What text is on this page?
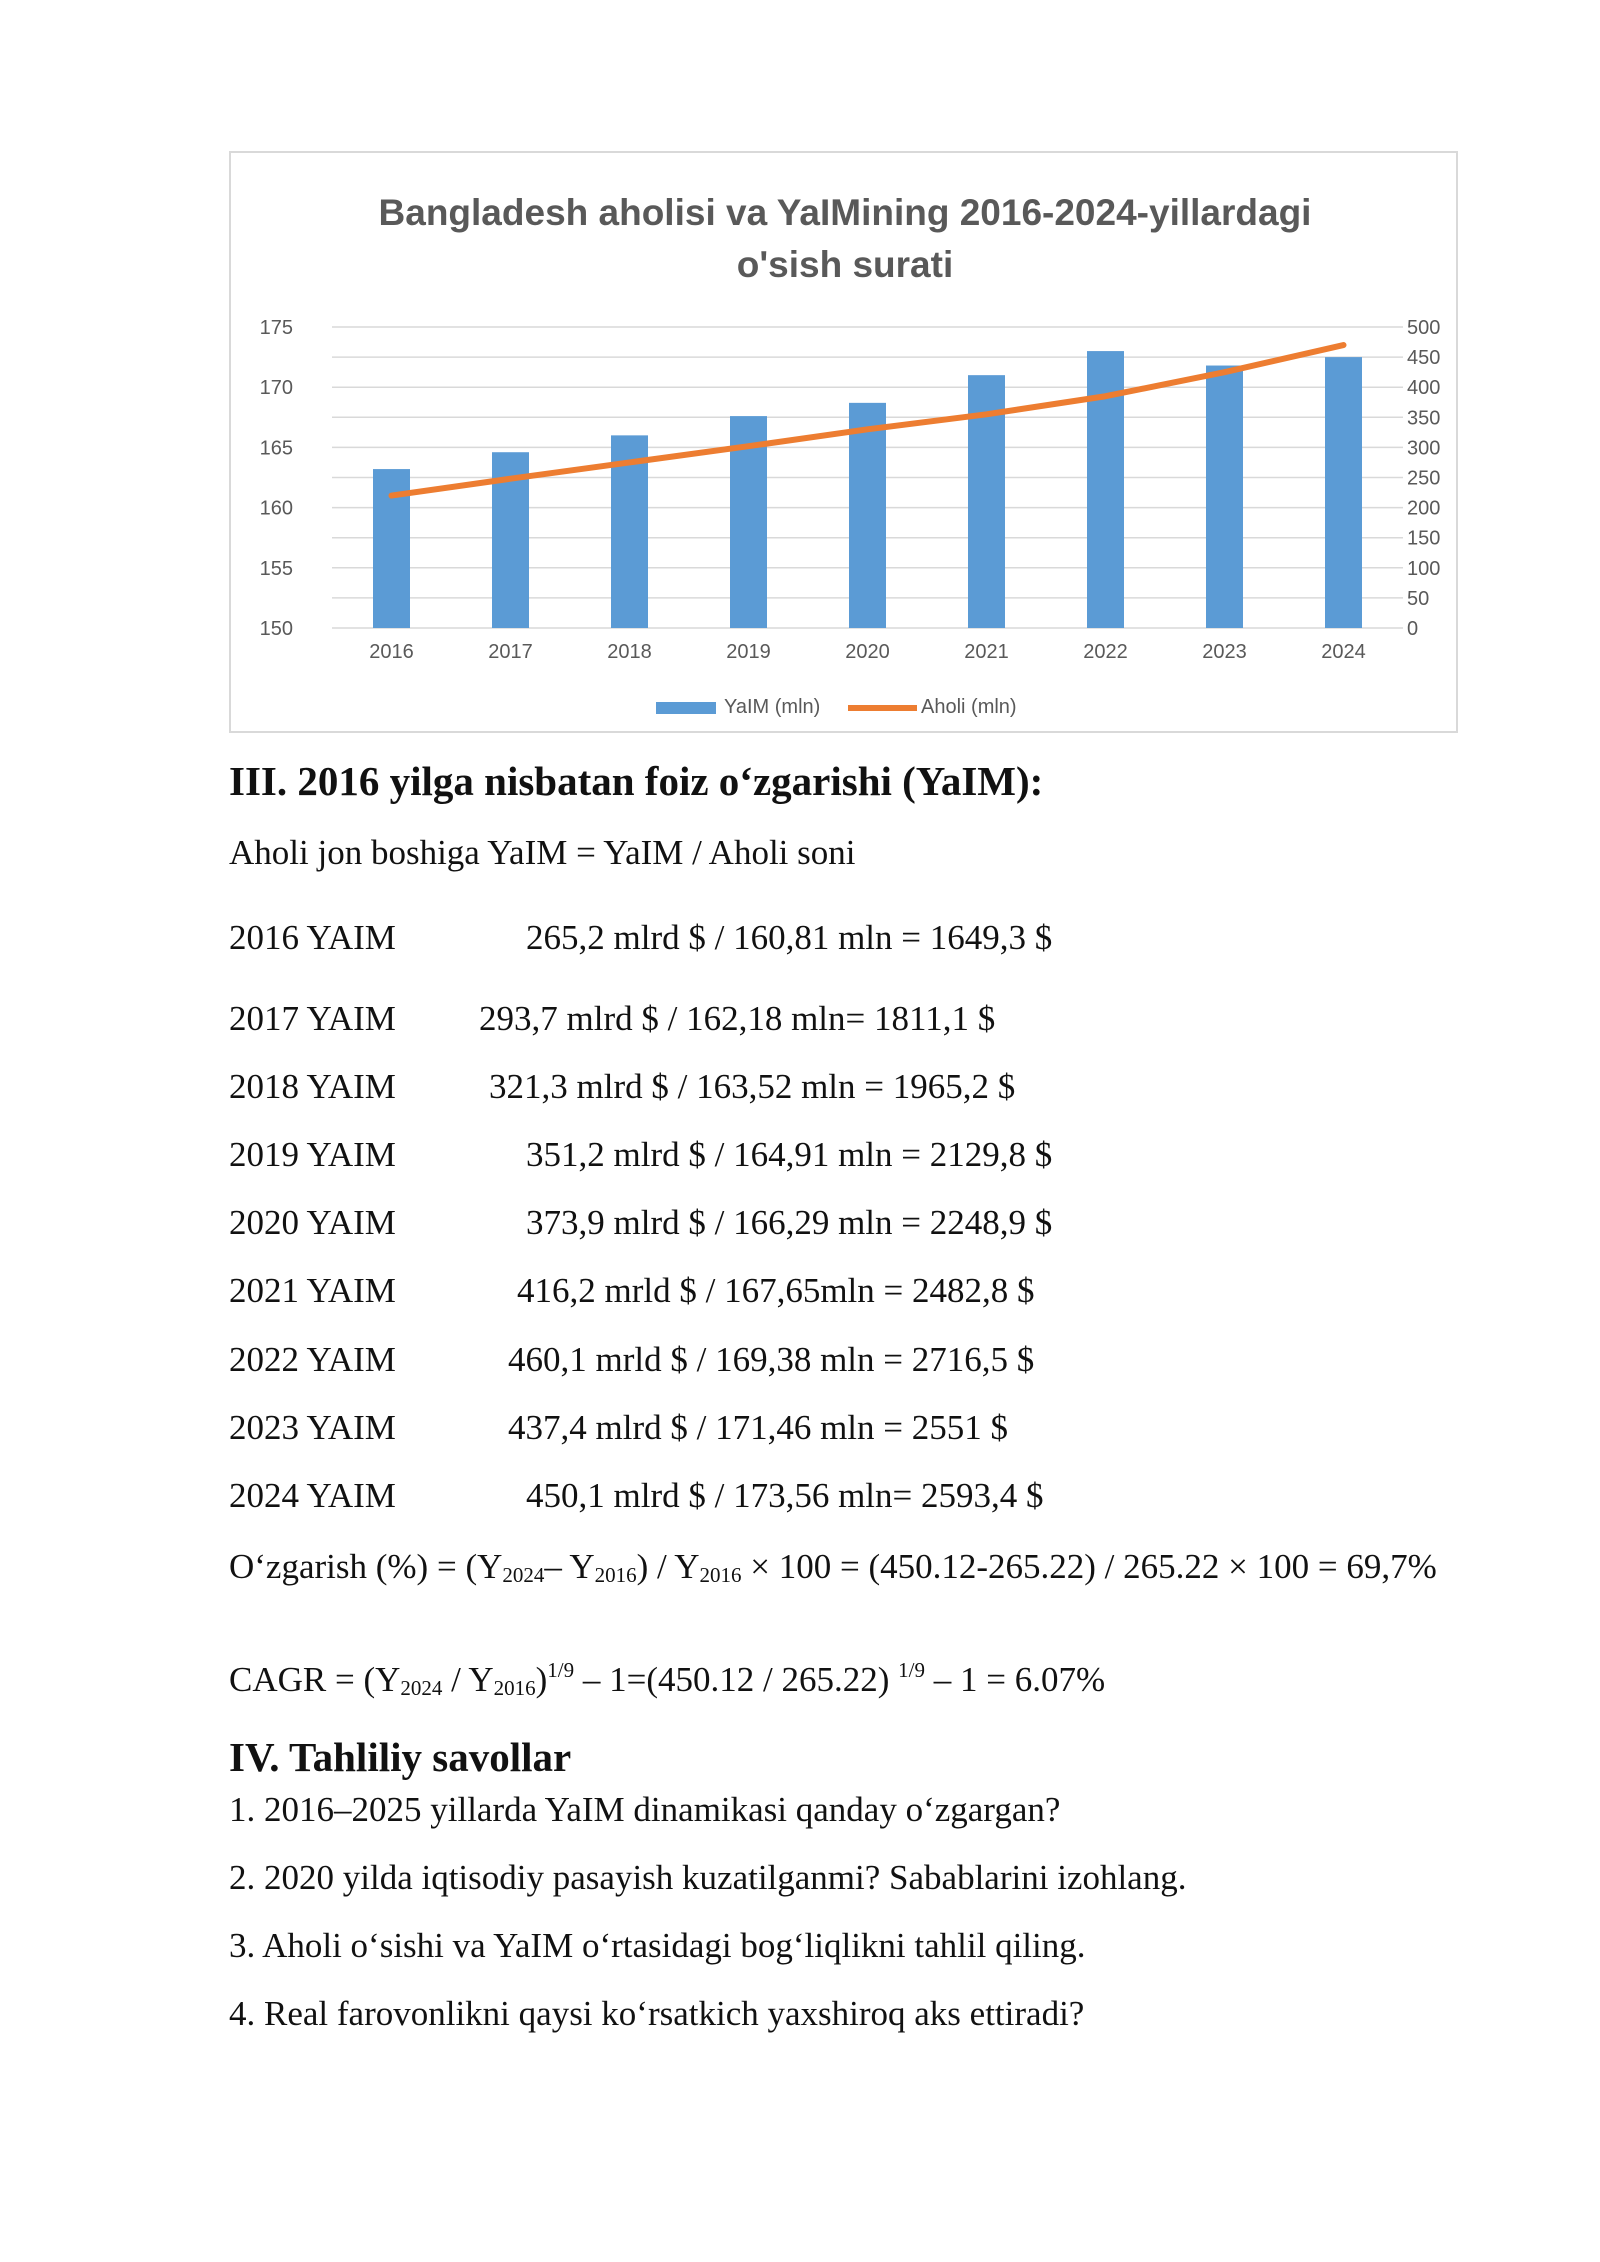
Bangladesh aholisi va YaIMining 2016-2024-yillardagi
o'sish surati
150
155
160
165
170
175
0
50
100
150
200
250
300
350
400
450
500
2016	2017	2018	2019	2020	2021	2022	2023	2024
YaIM (mln)	Aholi (mln)
III. 2016 yilga nisbatan foiz o‘zgarishi (YaIM):
Aholi jon boshiga YaIM = YaIM / Aholi soni
2016 YAIM	265,2 mlrd $ / 160,81 mln = 1649,3 $
2017 YAIM 293,7 mlrd $ / 162,18 mln= 1811,1 $
2018 YAIM	321,3 mlrd $ / 163,52 mln = 1965,2 $
2019 YAIM	351,2 mlrd $ / 164,91 mln = 2129,8 $
2020 YAIM	373,9 mlrd $ / 166,29 mln = 2248,9 $
2021 YAIM	416,2 mrld $ / 167,65mln = 2482,8 $
2022 YAIM	460,1 mrld $ / 169,38 mln = 2716,5 $
2023 YAIM	437,4 mlrd $ / 171,46 mln = 2551 $
2024 YAIM	450,1 mlrd $ / 173,56 mln= 2593,4 $
O‘zgarish (%) = ($Y_{2024}-$ $Y_{2016}) / Y_{2016} \times 100 = (450.12-265.22) / 265.22 \times 100 = 69,7\%$
CAGR = $(Y_{2024} / Y_{2016})^{1/9} - 1=(450.12 / 265.22)$ $^{1/9}$ – 1 = 6.07%
IV. Tahliliy savollar
1. 2016–2025 yillarda YaIM dinamikasi qanday o‘zgargan?
2. 2020 yilda iqtisodiy pasayish kuzatilganmi? Sabablarini izohlang.
3. Aholi o‘sishi va YaIM o‘rtasidagi bog‘liqlikni tahlil qiling.
4. Real farovonlikni qaysi ko‘rsatkich yaxshiroq aks ettiradi?
